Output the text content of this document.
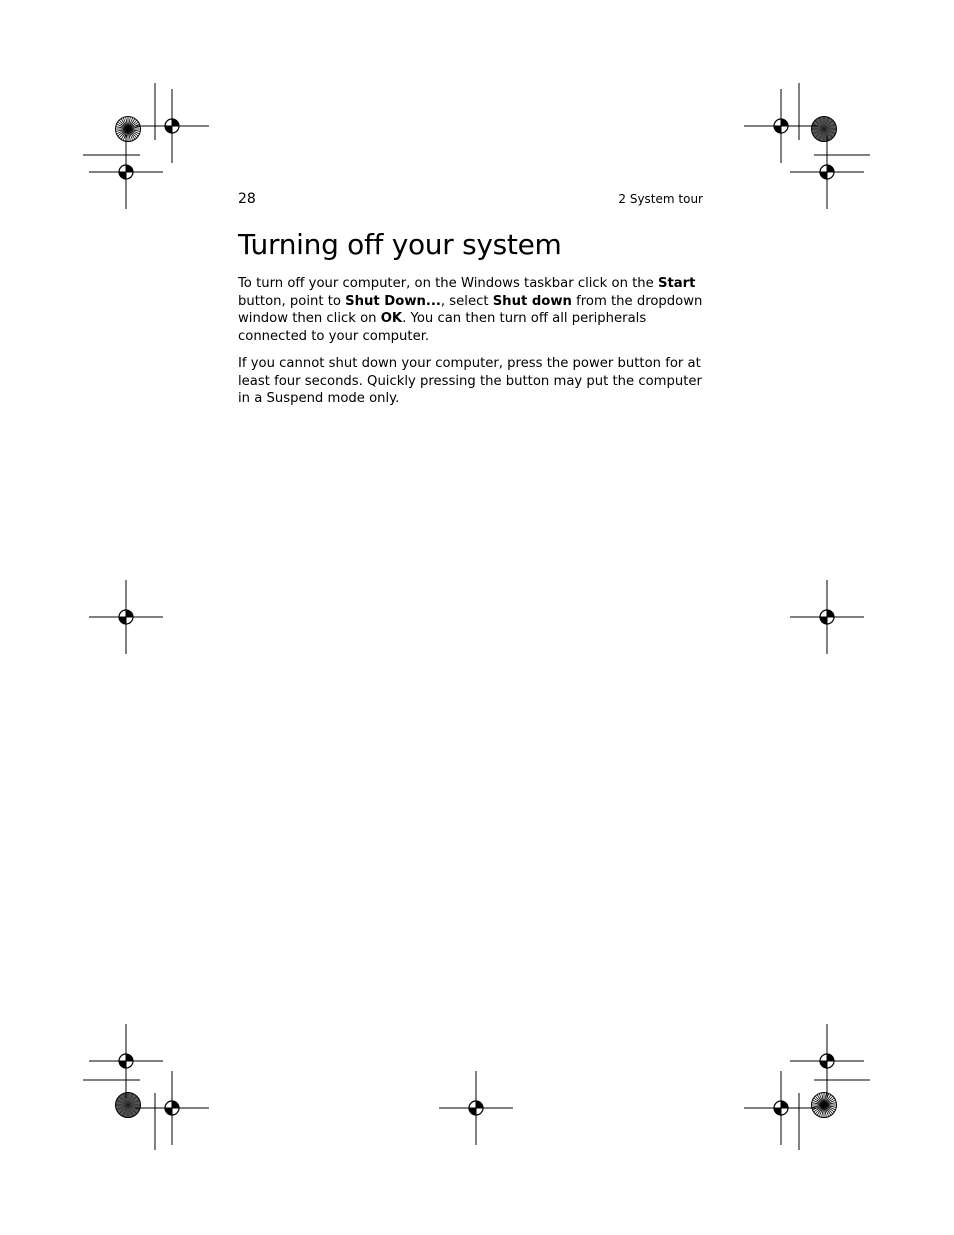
28	2 System tour
Turning off your system

To turn off your computer, on the Windows taskbar click on the Start button, point to Shut Down..., select Shut down from the dropdown window then click on OK. You can then turn off all peripherals connected to your computer.

If you cannot shut down your computer, press the power button for at least four seconds. Quickly pressing the button may put the computer in a Suspend mode only.
